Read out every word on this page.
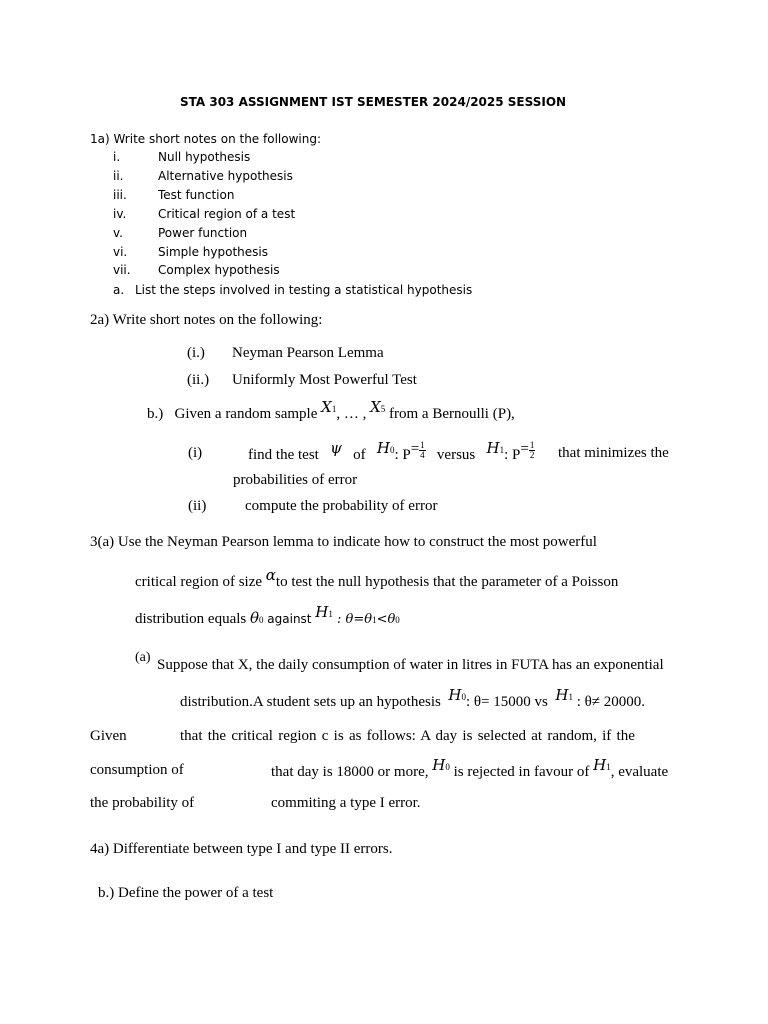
STA 303 ASSIGNMENT IST SEMESTER 2024/2025 SESSION
1a) Write short notes on the following:
i.	Null hypothesis
ii.	Alternative hypothesis
iii.	Test function
iv.	Critical region of a test
v.	Power function
vi.	Simple hypothesis
vii. Complex hypothesis
a. List the steps involved in testing a statistical hypothesis
2a) Write short notes on the following:
(i.) Neyman Pearson Lemma
(ii.) Uniformly Most Powerful Test
b.) Given a random sample X1, … , X5 from a Bernoulli (P),
(i)	find the test ψ of H0: $P= \frac{1}{4}$ versus H1: $P= \frac{1}{2}$ that minimizes the
probabilities of error
(ii)	compute the probability of error
3(a) Use the Neyman Pearson lemma to indicate how to construct the most powerful
critical region of size αto test the null hypothesis that the parameter of a Poisson
distribution equals θ0 against H1 : θ=θ1<θ0
(a) Suppose that X, the daily consumption of water in litres in FUTA has an exponential
distribution.A student sets up an hypothesis H0: θ= 15000 vs H1 : θ≠ 20000.
Given	that the critical region c is as follows: A day is selected at random, if the
consumption of	that day is 18000 or more, H0 is rejected in favour of H1, evaluate
the probability of	commiting a type I error.
4a) Differentiate between type I and type II errors.
b.) Define the power of a test
